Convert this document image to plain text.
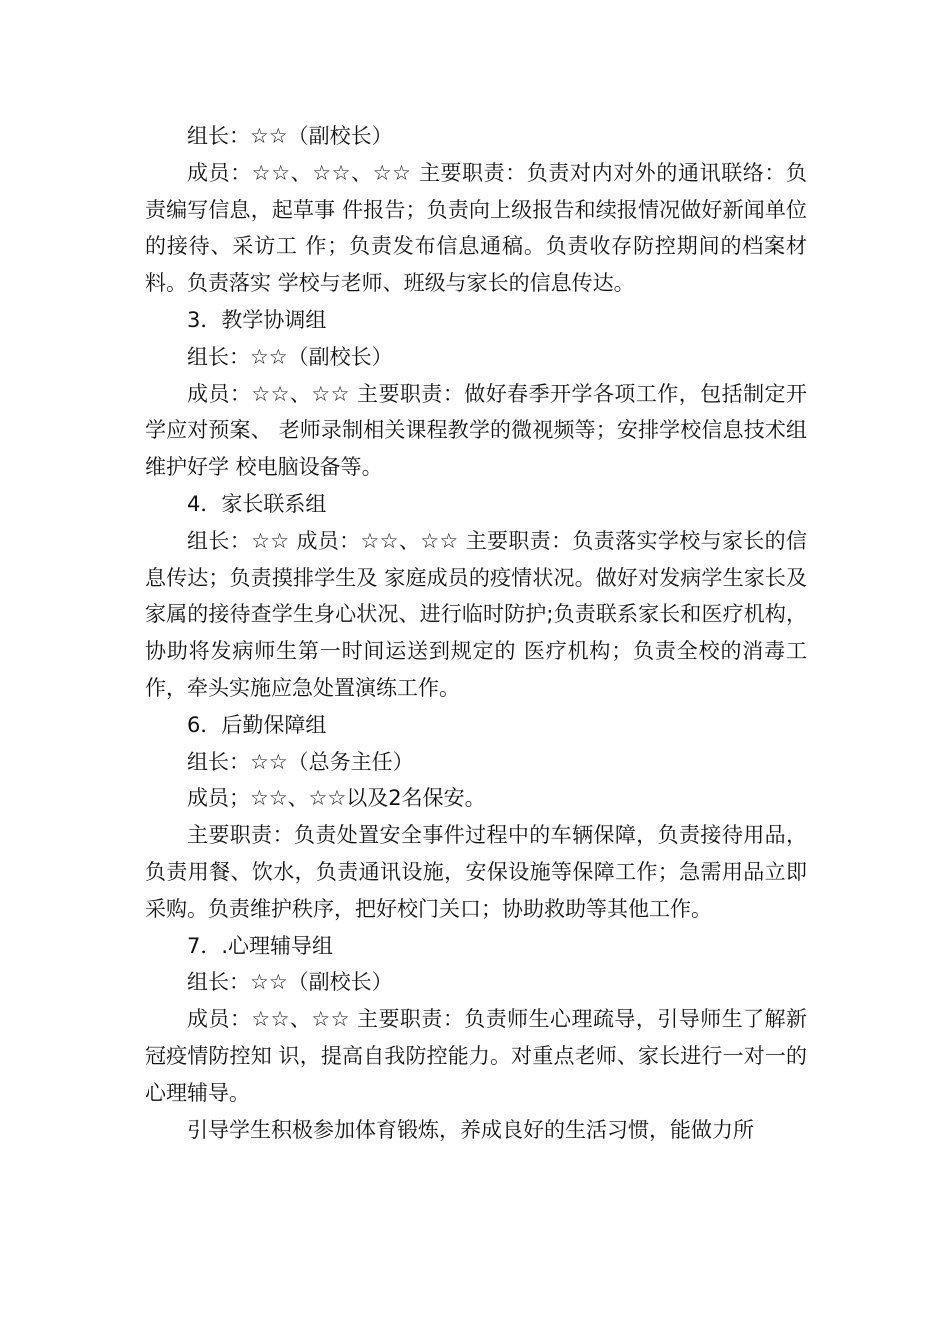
组长：☆☆（副校长）

成员：☆☆、☆☆、☆☆ 主要职责：负责对内对外的通讯联络：负责编写信息，起草事 件报告；负责向上级报告和续报情况做好新闻单位的接待、采访工 作；负责发布信息通稿。负责收存防控期间的档案材料。负责落实 学校与老师、班级与家长的信息传达。

3．教学协调组

组长：☆☆（副校长）

成员：☆☆、☆☆ 主要职责：做好春季开学各项工作，包括制定开学应对预案、 老师录制相关课程教学的微视频等；安排学校信息技术组维护好学 校电脑设备等。

4．家长联系组

组长：☆☆ 成员：☆☆、☆☆ 主要职责：负责落实学校与家长的信息传达；负责摸排学生及 家庭成员的疫情状况。做好对发病学生家长及家属的接待查学生身心状况、进行临时防护;负责联系家长和医疗机构，协助将发病师生第一时间运送到规定的 医疗机构；负责全校的消毒工作，牵头实施应急处置演练工作。

6．后勤保障组

组长：☆☆（总务主任）

成员；☆☆、☆☆以及2名保安。

主要职责：负责处置安全事件过程中的车辆保障，负责接待用品，负责用餐、饮水，负责通讯设施，安保设施等保障工作；急需用品立即采购。负责维护秩序，把好校门关口；协助救助等其他工作。

7．.心理辅导组

组长：☆☆（副校长）

成员：☆☆、☆☆ 主要职责：负责师生心理疏导，引导师生了解新冠疫情防控知 识，提高自我防控能力。对重点老师、家长进行一对一的心理辅导。

引导学生积极参加体育锻炼，养成良好的生活习惯，能做力所
